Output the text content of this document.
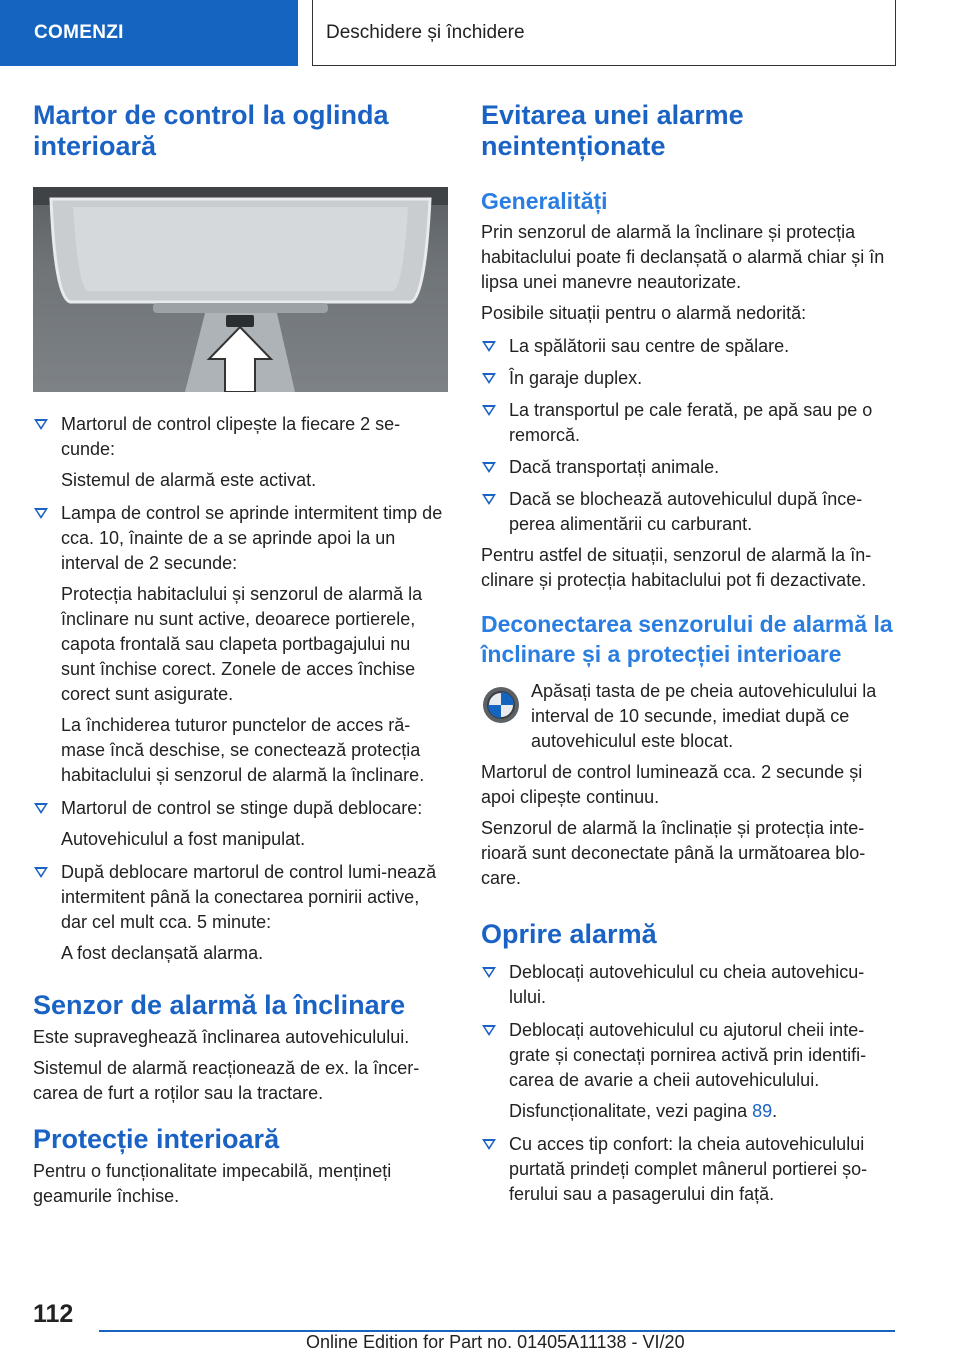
COMENZI	Deschidere și închidere
Martor de control la oglinda interioară
Martorul de control clipește la fiecare 2 se-cunde:

Sistemul de alarmă este activat.

Lampa de control se aprinde intermitent timp de cca. 10, înainte de a se aprinde apoi la un interval de 2 secunde:

Protecția habitaclului și senzorul de alarmă la înclinare nu sunt active, deoarece portierele, capota frontală sau clapeta portbagajului nu sunt închise corect. Zonele de acces închise corect sunt asigurate.

La închiderea tuturor punctelor de acces ră-mase încă deschise, se conectează protecția habitaclului și senzorul de alarmă la înclinare.

Martorul de control se stinge după deblocare:

Autovehiculul a fost manipulat.

După deblocare martorul de control lumi-nează intermitent până la conectarea pornirii active, dar cel mult cca. 5 minute:

A fost declanșată alarma.

Senzor de alarmă la înclinare

Este supraveghează înclinarea autovehiculului.

Sistemul de alarmă reacționează de ex. la încer-carea de furt a roților sau la tractare.

Protecție interioară

Pentru o funcționalitate impecabilă, mențineți geamurile închise.

Evitarea unei alarme neintenționate
Generalități

Prin senzorul de alarmă la înclinare și protecția habitaclului poate fi declanșată o alarmă chiar și în lipsa unei manevre neautorizate.

Posibile situații pentru o alarmă nedorită:

La spălătorii sau centre de spălare.
În garaje duplex.
La transportul pe cale ferată, pe apă sau pe o remorcă.
Dacă transportați animale.
Dacă se blochează autovehiculul după înce-perea alimentării cu carburant.

Pentru astfel de situații, senzorul de alarmă la în-clinare și protecția habitaclului pot fi dezactivate.

Deconectarea senzorului de alarmă la înclinare și a protecției interioare

Apăsați tasta de pe cheia autovehiculului la interval de 10 secunde, imediat după ce autovehiculul este blocat.

Martorul de control luminează cca. 2 secunde și apoi clipește continuu.

Senzorul de alarmă la înclinație și protecția inte-rioară sunt deconectate până la următoarea blo-care.

Oprire alarmă
Deblocați autovehiculul cu cheia autovehicu-lului.
Deblocați autovehiculul cu ajutorul cheii inte-grate și conectați pornirea activă prin identifi-carea de avarie a cheii autovehiculului.

Disfuncționalitate, vezi pagina 89.

Cu acces tip confort: la cheia autovehiculului purtată prindeți complet mânerul portierei șo-ferului sau a pasagerului din față.
112
Online Edition for Part no. 01405A11138 - VI/20
